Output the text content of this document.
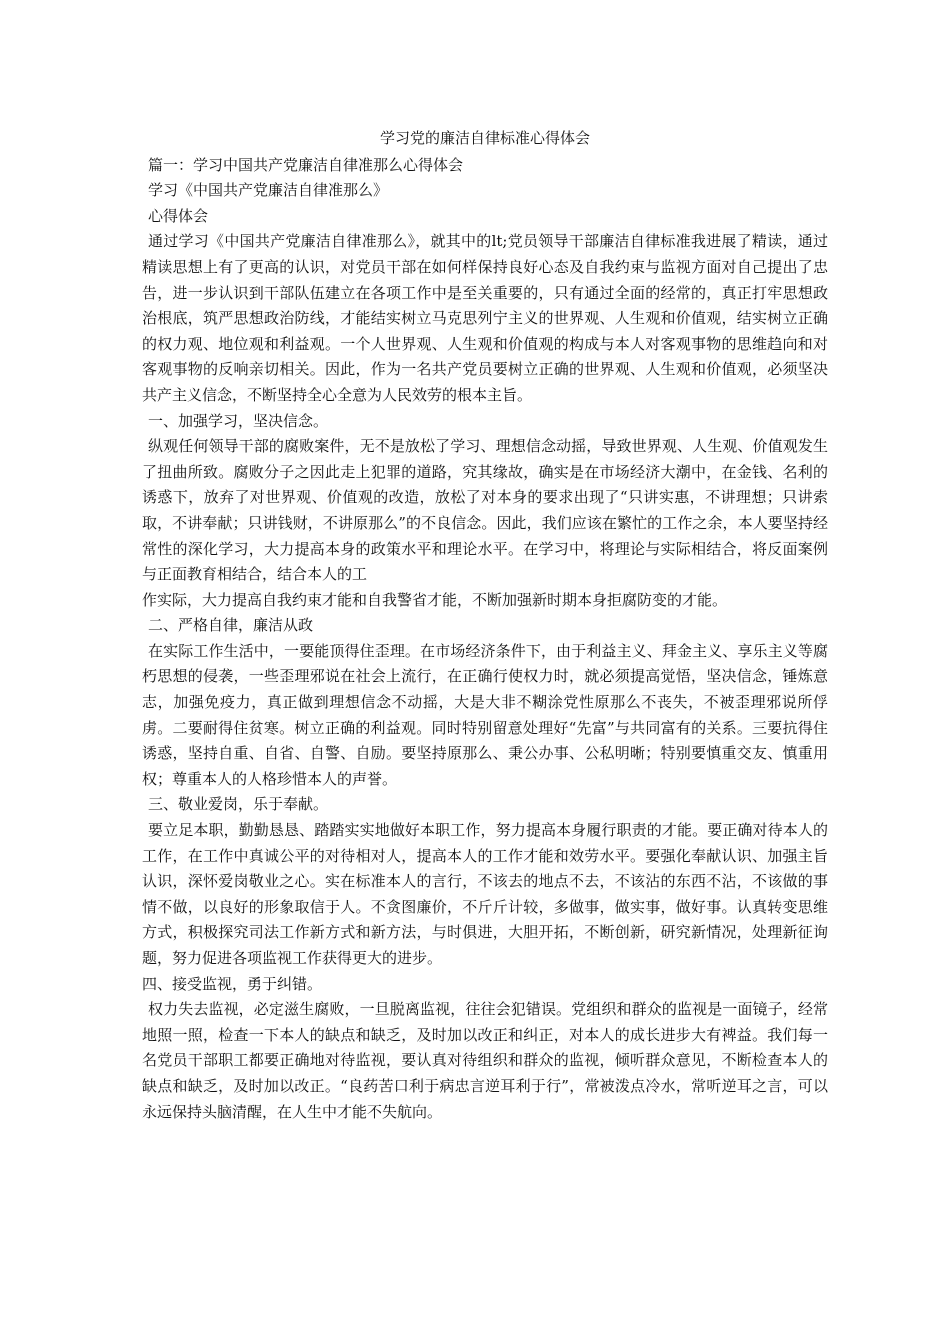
学习党的廉洁自律标准心得体会

篇一：学习中国共产党廉洁自律准那么心得体会

学习《中国共产党廉洁自律准那么》

心得体会

通过学习《中国共产党廉洁自律准那么》，就其中的lt;党员领导干部廉洁自律标准我进展了精读，通过精读思想上有了更高的认识，对党员干部在如何样保持良好心态及自我约束与监视方面对自己提出了忠告，进一步认识到干部队伍建立在各项工作中是至关重要的，只有通过全面的经常的，真正打牢思想政治根底，筑严思想政治防线，才能结实树立马克思列宁主义的世界观、人生观和价值观，结实树立正确的权力观、地位观和利益观。一个人世界观、人生观和价值观的构成与本人对客观事物的思维趋向和对客观事物的反响亲切相关。因此，作为一名共产党员要树立正确的世界观、人生观和价值观，必须坚决共产主义信念，不断坚持全心全意为人民效劳的根本主旨。

一、加强学习，坚决信念。

纵观任何领导干部的腐败案件，无不是放松了学习、理想信念动摇，导致世界观、人生观、价值观发生了扭曲所致。腐败分子之因此走上犯罪的道路，究其缘故，确实是在市场经济大潮中，在金钱、名利的诱惑下，放弃了对世界观、价值观的改造，放松了对本身的要求出现了“只讲实惠，不讲理想；只讲索取，不讲奉献；只讲钱财，不讲原那么”的不良信念。因此，我们应该在繁忙的工作之余，本人要坚持经常性的深化学习，大力提高本身的政策水平和理论水平。在学习中，将理论与实际相结合，将反面案例与正面教育相结合，结合本人的工

作实际，大力提高自我约束才能和自我警省才能，不断加强新时期本身拒腐防变的才能。

二、严格自律，廉洁从政

在实际工作生活中，一要能顶得住歪理。在市场经济条件下，由于利益主义、拜金主义、享乐主义等腐朽思想的侵袭，一些歪理邪说在社会上流行，在正确行使权力时，就必须提高觉悟，坚决信念，锤炼意志，加强免疫力，真正做到理想信念不动摇，大是大非不糊涂党性原那么不丧失，不被歪理邪说所俘虏。二要耐得住贫寒。树立正确的利益观。同时特别留意处理好“先富”与共同富有的关系。三要抗得住诱惑，坚持自重、自省、自警、自励。要坚持原那么、秉公办事、公私明晰；特别要慎重交友、慎重用权；尊重本人的人格珍惜本人的声誉。

三、敬业爱岗，乐于奉献。

要立足本职，勤勤恳恳、踏踏实实地做好本职工作，努力提高本身履行职责的才能。要正确对待本人的工作，在工作中真诚公平的对待相对人，提高本人的工作才能和效劳水平。要强化奉献认识、加强主旨认识，深怀爱岗敬业之心。实在标准本人的言行，不该去的地点不去，不该沾的东西不沾，不该做的事情不做，以良好的形象取信于人。不贪图廉价，不斤斤计较，多做事，做实事，做好事。认真转变思维方式，积极探究司法工作新方式和新方法，与时俱进，大胆开拓，不断创新，研究新情况，处理新征询题，努力促进各项监视工作获得更大的进步。

四、接受监视，勇于纠错。

权力失去监视，必定滋生腐败，一旦脱离监视，往往会犯错误。党组织和群众的监视是一面镜子，经常地照一照，检查一下本人的缺点和缺乏，及时加以改正和纠正，对本人的成长进步大有裨益。我们每一名党员干部职工都要正确地对待监视，要认真对待组织和群众的监视，倾听群众意见，不断检查本人的缺点和缺乏，及时加以改正。“良药苦口利于病忠言逆耳利于行”，常被泼点冷水，常听逆耳之言，可以永远保持头脑清醒，在人生中才能不失航向。
